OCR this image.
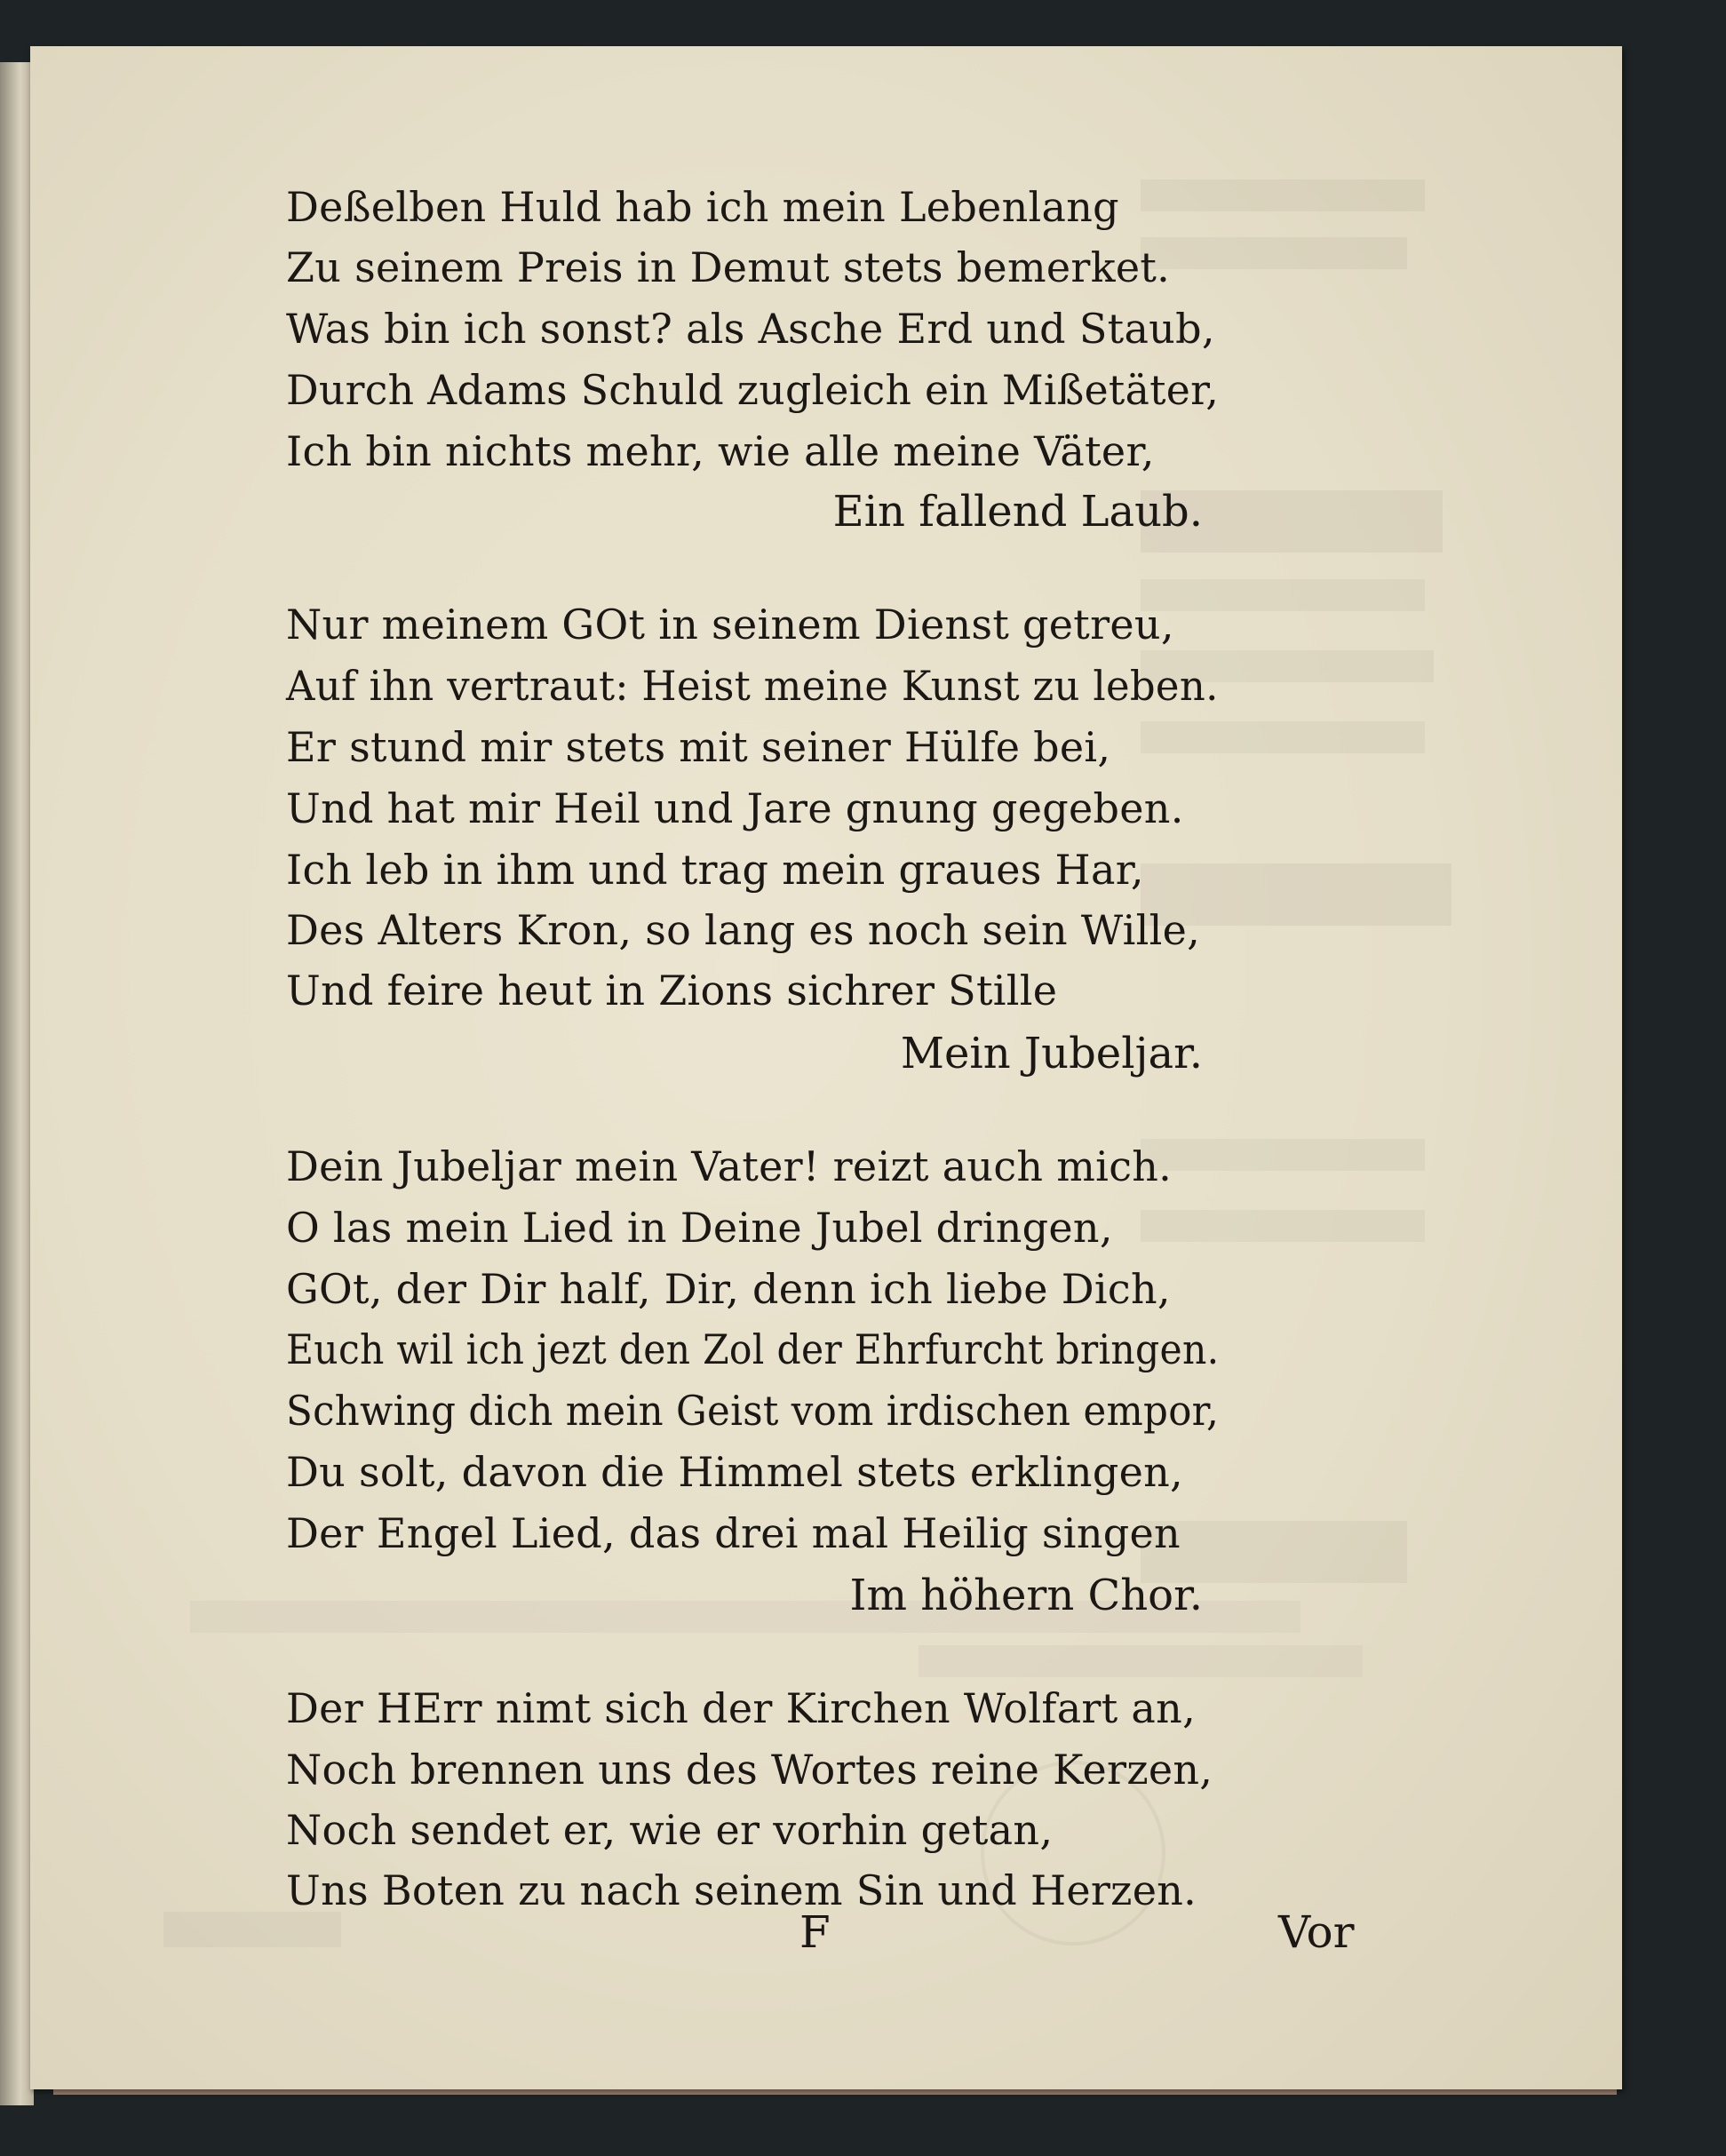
Deßelben Huld hab ich mein Lebenlang
Zu seinem Preis in Demut stets bemerket.
Was bin ich sonst? als Asche Erd und Staub,
Durch Adams Schuld zugleich ein Mißetäter,
Ich bin nichts mehr, wie alle meine Väter,
Ein fallend Laub.
Nur meinem GOt in seinem Dienst getreu,
Auf ihn vertraut: Heist meine Kunst zu leben.
Er stund mir stets mit seiner Hülfe bei,
Und hat mir Heil und Jare gnung gegeben.
Ich leb in ihm und trag mein graues Har,
Des Alters Kron, so lang es noch sein Wille,
Und feire heut in Zions sichrer Stille
Mein Jubeljar.
Dein Jubeljar mein Vater! reizt auch mich.
O las mein Lied in Deine Jubel dringen,
GOt, der Dir half, Dir, denn ich liebe Dich,
Euch wil ich jezt den Zol der Ehrfurcht bringen.
Schwing dich mein Geist vom irdischen empor,
Du solt, davon die Himmel stets erklingen,
Der Engel Lied, das drei mal Heilig singen
Im höhern Chor.
Der HErr nimt sich der Kirchen Wolfart an,
Noch brennen uns des Wortes reine Kerzen,
Noch sendet er, wie er vorhin getan,
Uns Boten zu nach seinem Sin und Herzen.
F	Vor
